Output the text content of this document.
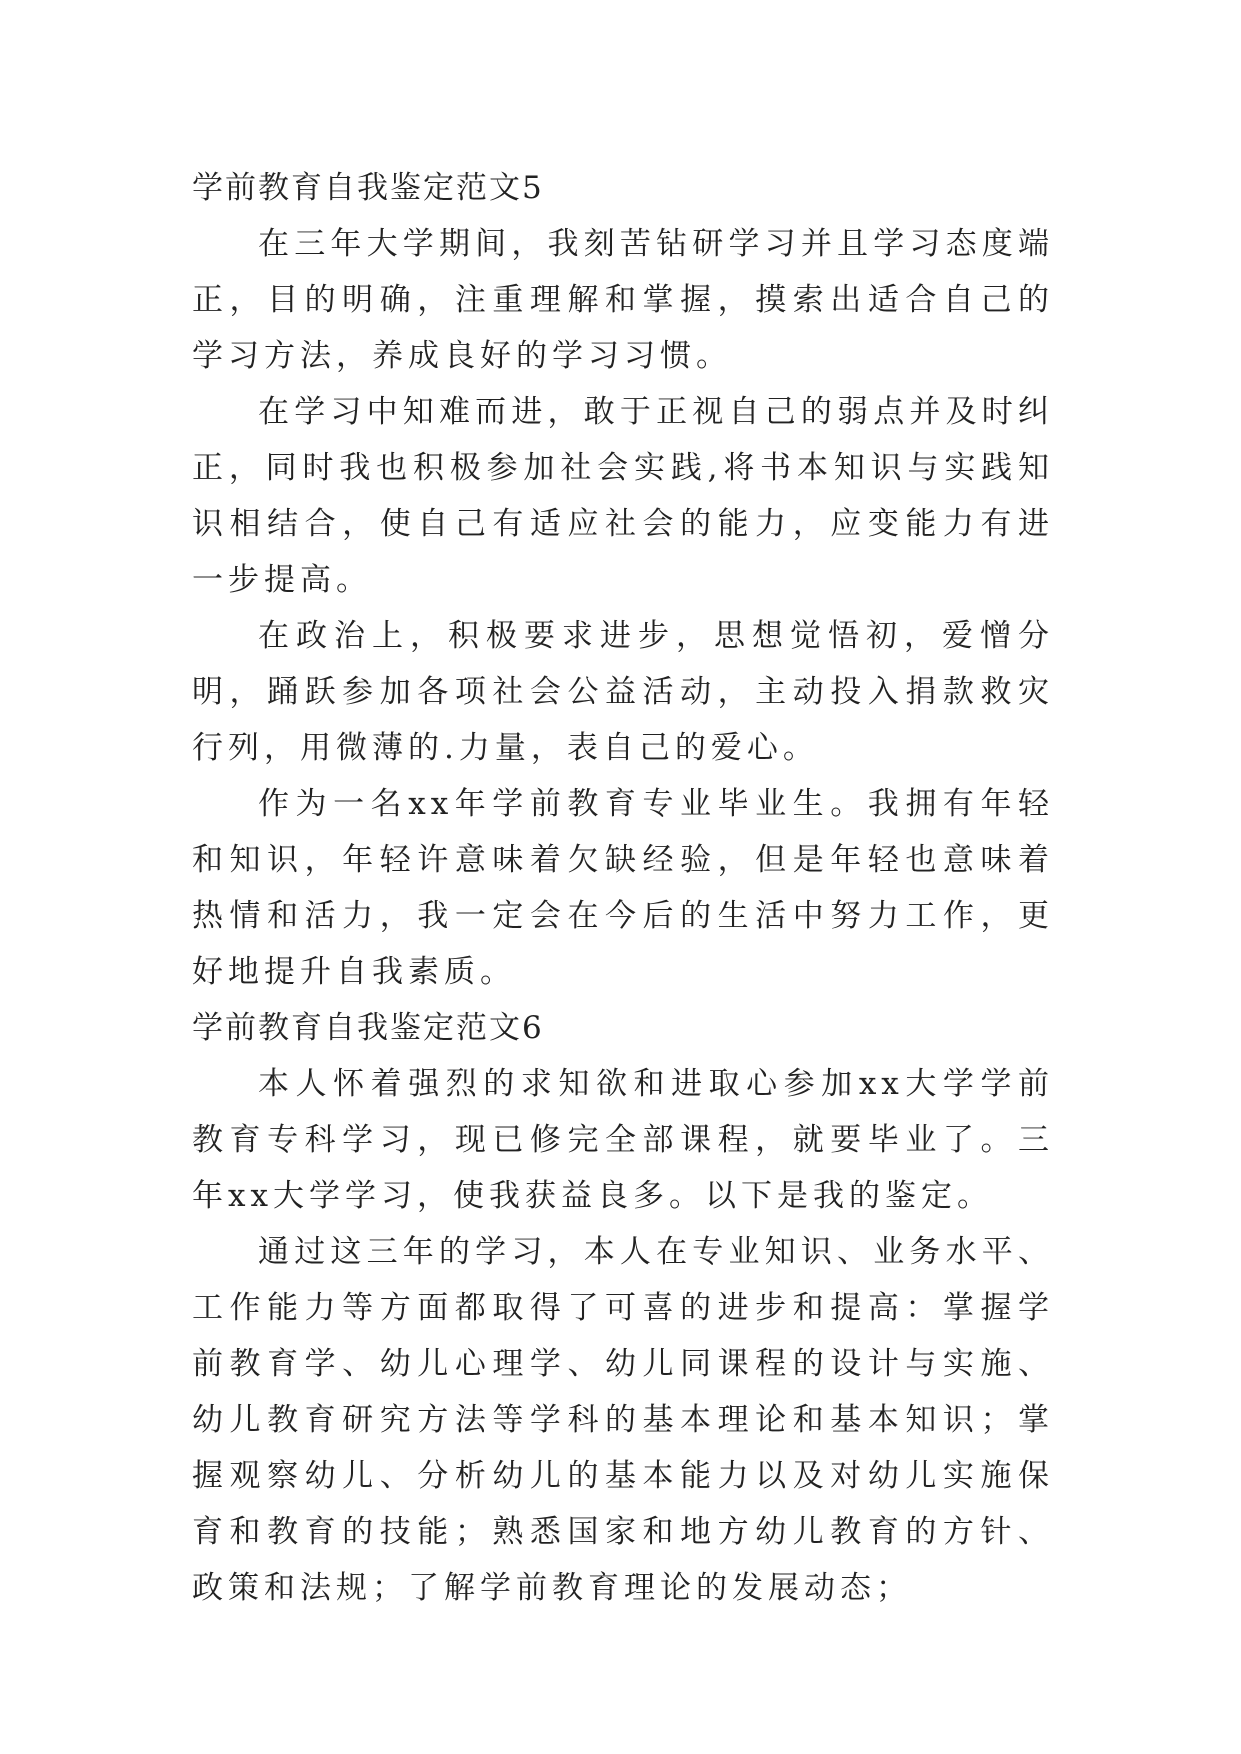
学前教育自我鉴定范文5

在三年大学期间，我刻苦钻研学习并且学习态度端正，目的明确，注重理解和掌握，摸索出适合自己的学习方法，养成良好的学习习惯。

在学习中知难而进，敢于正视自己的弱点并及时纠正，同时我也积极参加社会实践,将书本知识与实践知识相结合，使自己有适应社会的能力，应变能力有进一步提高。

在政治上，积极要求进步，思想觉悟初，爱憎分明，踊跃参加各项社会公益活动，主动投入捐款救灾行列，用微薄的.力量，表自己的爱心。

作为一名xx年学前教育专业毕业生。我拥有年轻和知识，年轻许意味着欠缺经验，但是年轻也意味着热情和活力，我一定会在今后的生活中努力工作，更好地提升自我素质。

学前教育自我鉴定范文6

本人怀着强烈的求知欲和进取心参加xx大学学前教育专科学习，现已修完全部课程，就要毕业了。三年xx大学学习，使我获益良多。以下是我的鉴定。

通过这三年的学习，本人在专业知识、业务水平、工作能力等方面都取得了可喜的进步和提高：掌握学前教育学、幼儿心理学、幼儿同课程的设计与实施、幼儿教育研究方法等学科的基本理论和基本知识；掌握观察幼儿、分析幼儿的基本能力以及对幼儿实施保育和教育的技能；熟悉国家和地方幼儿教育的方针、政策和法规；了解学前教育理论的发展动态；
